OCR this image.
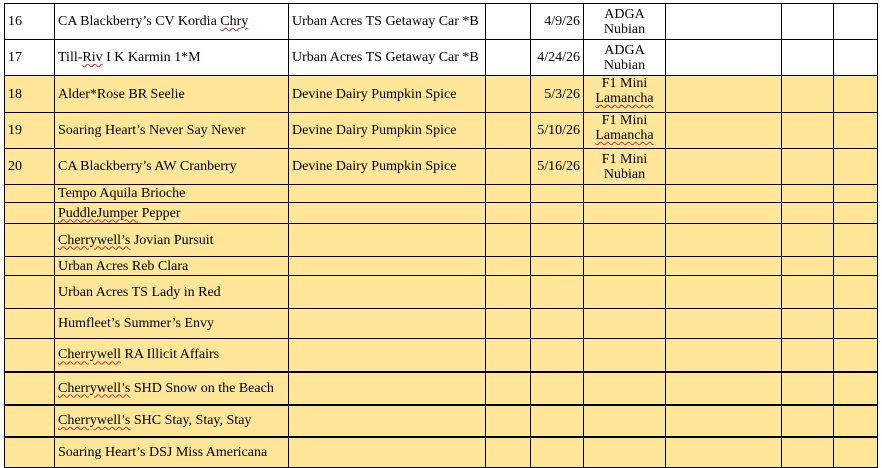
16	CA Blackberry’s CV Kordia Chry	Urban Acres TS Getaway Car *B		4/9/26	ADGA
Nubian			

17	Till-Riv I K Karmin 1*M	Urban Acres TS Getaway Car *B		4/24/26	ADGA
Nubian			

18	Alder*Rose BR Seelie	Devine Dairy Pumpkin Spice		5/3/26	F1 Mini
Lamancha			

19	Soaring Heart’s Never Say Never	Devine Dairy Pumpkin Spice		5/10/26	F1 Mini
Lamancha			

20	CA Blackberry’s AW Cranberry	Devine Dairy Pumpkin Spice		5/16/26	F1 Mini
Nubian			

	Tempo Aquila Brioche				

	PuddleJumper Pepper				

	Cherrywell’s Jovian Pursuit				

	Urban Acres Reb Clara				

	Urban Acres TS Lady in Red				

	Humfleet’s Summer’s Envy				

	Cherrywell RA Illicit Affairs				

	Cherrywell’s SHD Snow on the Beach				

	Cherrywell’s SHC Stay, Stay, Stay				

	Soaring Heart’s DSJ Miss Americana				
